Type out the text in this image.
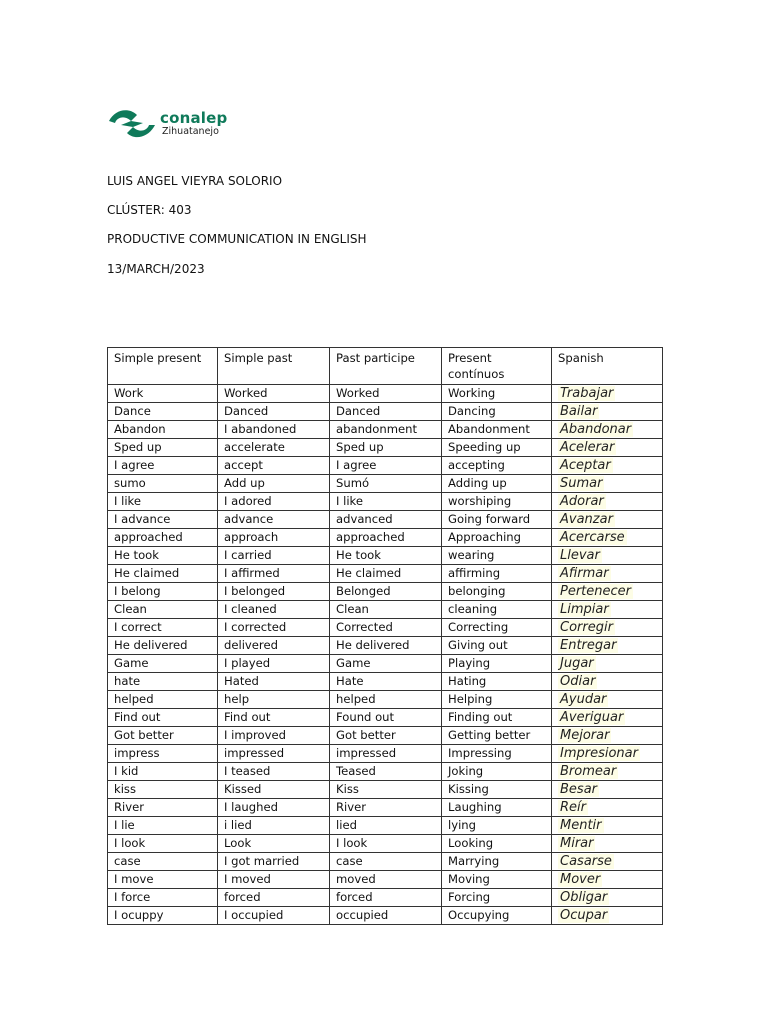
conalep
Zihuatanejo
LUIS ANGEL VIEYRA SOLORIO
CLÚSTER: 403
PRODUCTIVE COMMUNICATION IN ENGLISH
13/MARCH/2023
Simple present	Simple past	Past participe	Present contínuos	Spanish
Work	Worked	Worked	Working	Trabajar
Dance	Danced	Danced	Dancing	Bailar
Abandon	I abandoned	abandonment	Abandonment	Abandonar
Sped up	accelerate	Sped up	Speeding up	Acelerar
I agree	accept	I agree	accepting	Aceptar
sumo	Add up	Sumó	Adding up	Sumar
I like	I adored	I like	worshiping	Adorar
I advance	advance	advanced	Going forward	Avanzar
approached	approach	approached	Approaching	Acercarse
He took	I carried	He took	wearing	Llevar
He claimed	I affirmed	He claimed	affirming	Afirmar
I belong	I belonged	Belonged	belonging	Pertenecer
Clean	I cleaned	Clean	cleaning	Limpiar
I correct	I corrected	Corrected	Correcting	Corregir
He delivered	delivered	He delivered	Giving out	Entregar
Game	I played	Game	Playing	Jugar
hate	Hated	Hate	Hating	Odiar
helped	help	helped	Helping	Ayudar
Find out	Find out	Found out	Finding out	Averiguar
Got better	I improved	Got better	Getting better	Mejorar
impress	impressed	impressed	Impressing	Impresionar
I kid	I teased	Teased	Joking	Bromear
kiss	Kissed	Kiss	Kissing	Besar
River	I laughed	River	Laughing	Reír
I lie	i lied	lied	lying	Mentir
I look	Look	I look	Looking	Mirar
case	I got married	case	Marrying	Casarse
I move	I moved	moved	Moving	Mover
I force	forced	forced	Forcing	Obligar
I ocuppy	I occupied	occupied	Occupying	Ocupar
